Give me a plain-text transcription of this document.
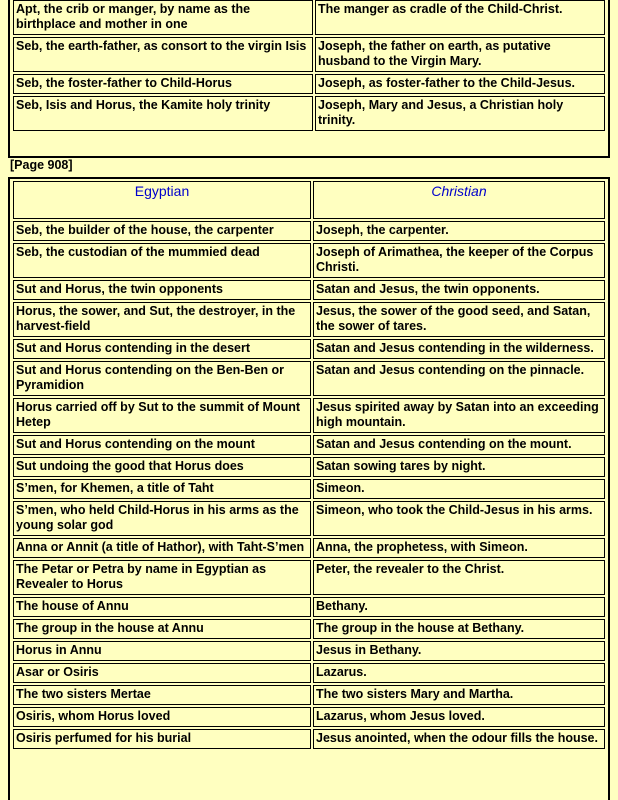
Apt, the crib or manger, by name as the birthplace and mother in one	The manger as cradle of the Child-Christ.
Seb, the earth-father, as consort to the virgin Isis	Joseph, the father on earth, as putative husband to the Virgin Mary.
Seb, the foster-father to Child-Horus	Joseph, as foster-father to the Child-Jesus.
Seb, Isis and Horus, the Kamite holy trinity	Joseph, Mary and Jesus, a Christian holy trinity.
[Page 908]
Egyptian	Christian
Seb, the builder of the house, the carpenter	Joseph, the carpenter.
Seb, the custodian of the mummied dead	Joseph of Arimathea, the keeper of the Corpus Christi.
Sut and Horus, the twin opponents	Satan and Jesus, the twin opponents.
Horus, the sower, and Sut, the destroyer, in the harvest-field	Jesus, the sower of the good seed, and Satan, the sower of tares.
Sut and Horus contending in the desert	Satan and Jesus contending in the wilderness.
Sut and Horus contending on the Ben-Ben or Pyramidion	Satan and Jesus contending on the pinnacle.
Horus carried off by Sut to the summit of Mount Hetep	Jesus spirited away by Satan into an exceeding high mountain.
Sut and Horus contending on the mount	Satan and Jesus contending on the mount.
Sut undoing the good that Horus does	Satan sowing tares by night.
S’men, for Khemen, a title of Taht	Simeon.
S’men, who held Child-Horus in his arms as the young solar god	Simeon, who took the Child-Jesus in his arms.
Anna or Annit (a title of Hathor), with Taht-S’men	Anna, the prophetess, with Simeon.
The Petar or Petra by name in Egyptian as Revealer to Horus	Peter, the revealer to the Christ.
The house of Annu	Bethany.
The group in the house at Annu	The group in the house at Bethany.
Horus in Annu	Jesus in Bethany.
Asar or Osiris	Lazarus.
The two sisters Mertae	The two sisters Mary and Martha.
Osiris, whom Horus loved	Lazarus, whom Jesus loved.
Osiris perfumed for his burial	Jesus anointed, when the odour fills the house.
